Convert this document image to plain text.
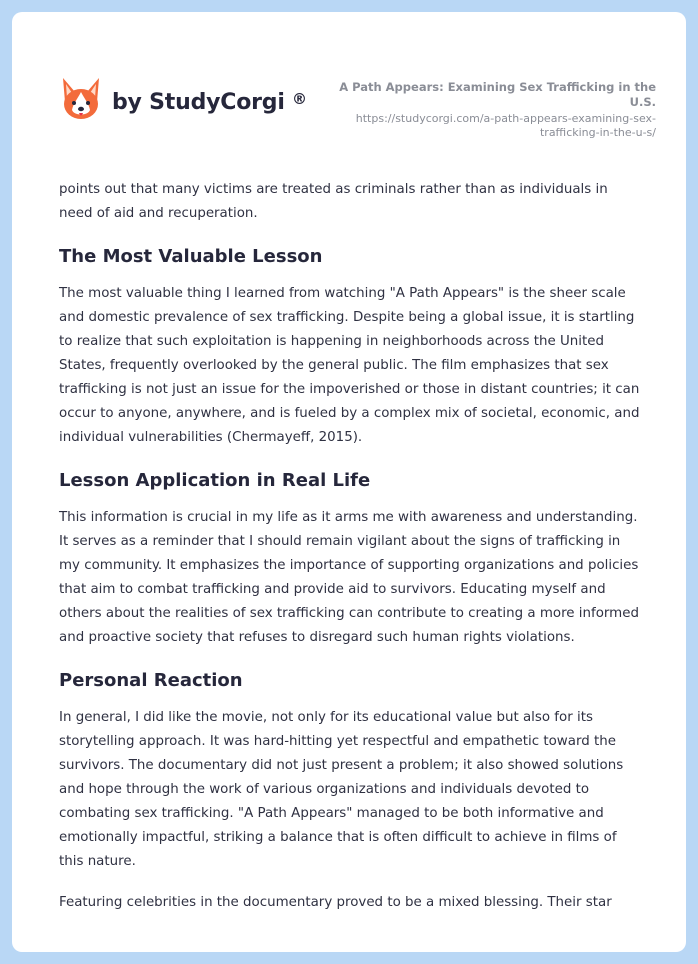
by StudyCorgi ®
A Path Appears: Examining Sex Trafficking in the U.S.
https://studycorgi.com/a-path-appears-examining-sex-trafficking-in-the-u-s/

points out that many victims are treated as criminals rather than as individuals in need of aid and recuperation.

The Most Valuable Lesson

The most valuable thing I learned from watching "A Path Appears" is the sheer scale and domestic prevalence of sex trafficking. Despite being a global issue, it is startling to realize that such exploitation is happening in neighborhoods across the United States, frequently overlooked by the general public. The film emphasizes that sex trafficking is not just an issue for the impoverished or those in distant countries; it can occur to anyone, anywhere, and is fueled by a complex mix of societal, economic, and individual vulnerabilities (Chermayeff, 2015).

Lesson Application in Real Life

This information is crucial in my life as it arms me with awareness and understanding. It serves as a reminder that I should remain vigilant about the signs of trafficking in my community. It emphasizes the importance of supporting organizations and policies that aim to combat trafficking and provide aid to survivors. Educating myself and others about the realities of sex trafficking can contribute to creating a more informed and proactive society that refuses to disregard such human rights violations.

Personal Reaction

In general, I did like the movie, not only for its educational value but also for its storytelling approach. It was hard-hitting yet respectful and empathetic toward the survivors. The documentary did not just present a problem; it also showed solutions and hope through the work of various organizations and individuals devoted to combating sex trafficking. "A Path Appears" managed to be both informative and emotionally impactful, striking a balance that is often difficult to achieve in films of this nature.

Featuring celebrities in the documentary proved to be a mixed blessing. Their star
